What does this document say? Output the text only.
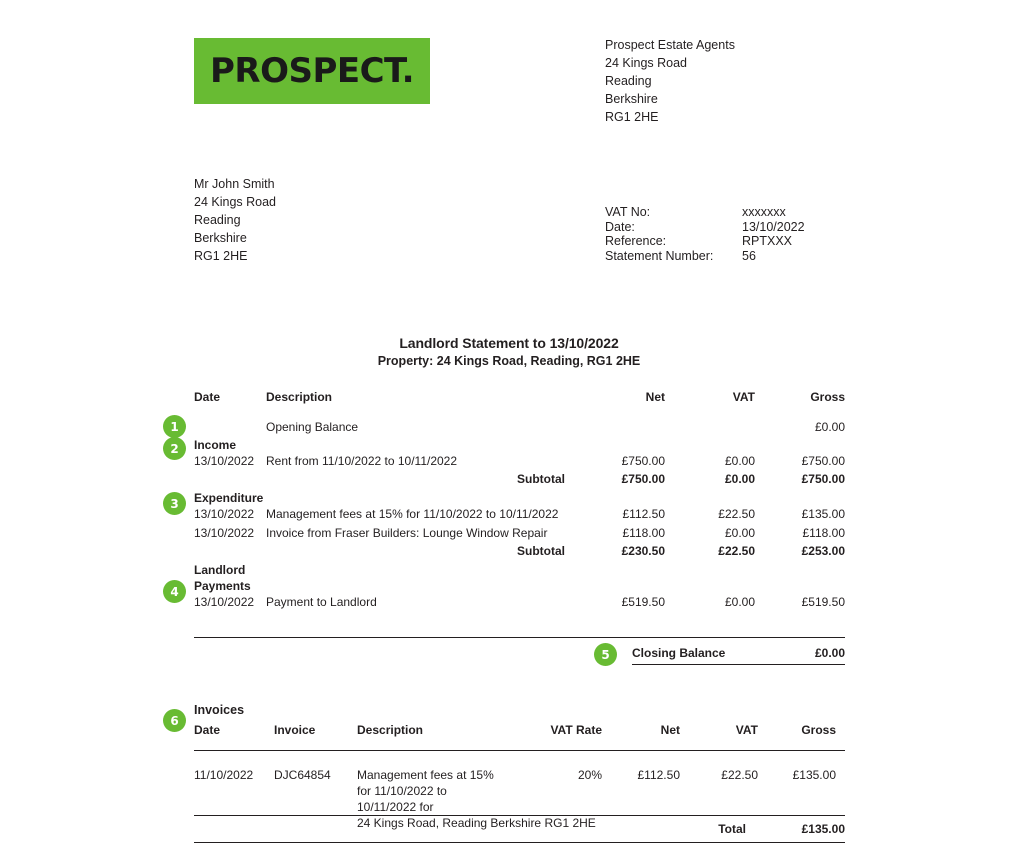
PROSPECT.
Prospect Estate Agents
24 Kings Road
Reading
Berkshire
RG1 2HE
Mr John Smith
24 Kings Road
Reading
Berkshire
RG1 2HE
VAT No:	xxxxxxx
Date:	13/10/2022
Reference:	RPTXXX
Statement Number:	56
Landlord Statement to 13/10/2022
Property: 24 Kings Road, Reading, RG1 2HE
Date	Description	Net	VAT	Gross
Opening Balance	£0.00
Income
13/10/2022 Rent from 11/10/2022 to 10/11/2022	£750.00	£0.00	£750.00
Subtotal	£750.00	£0.00	£750.00
Expenditure
13/10/2022 Management fees at 15% for 11/10/2022 to 10/11/2022	£112.50	£22.50	£135.00
13/10/2022 Invoice from Fraser Builders: Lounge Window Repair	£118.00	£0.00	£118.00
Subtotal	£230.50	£22.50	£253.00
Landlord Payments
13/10/2022 Payment to Landlord	£519.50	£0.00	£519.50
Closing Balance	£0.00
Invoices
Date	Invoice	Description	VAT Rate	Net	VAT	Gross
11/10/2022	DJC64854	Management fees at 15%
for 11/10/2022 to
10/11/2022 for
24 Kings Road, Reading Berkshire RG1 2HE
20%	£112.50	£22.50	£135.00
Total	£135.00
1
2
3
4
5
6
